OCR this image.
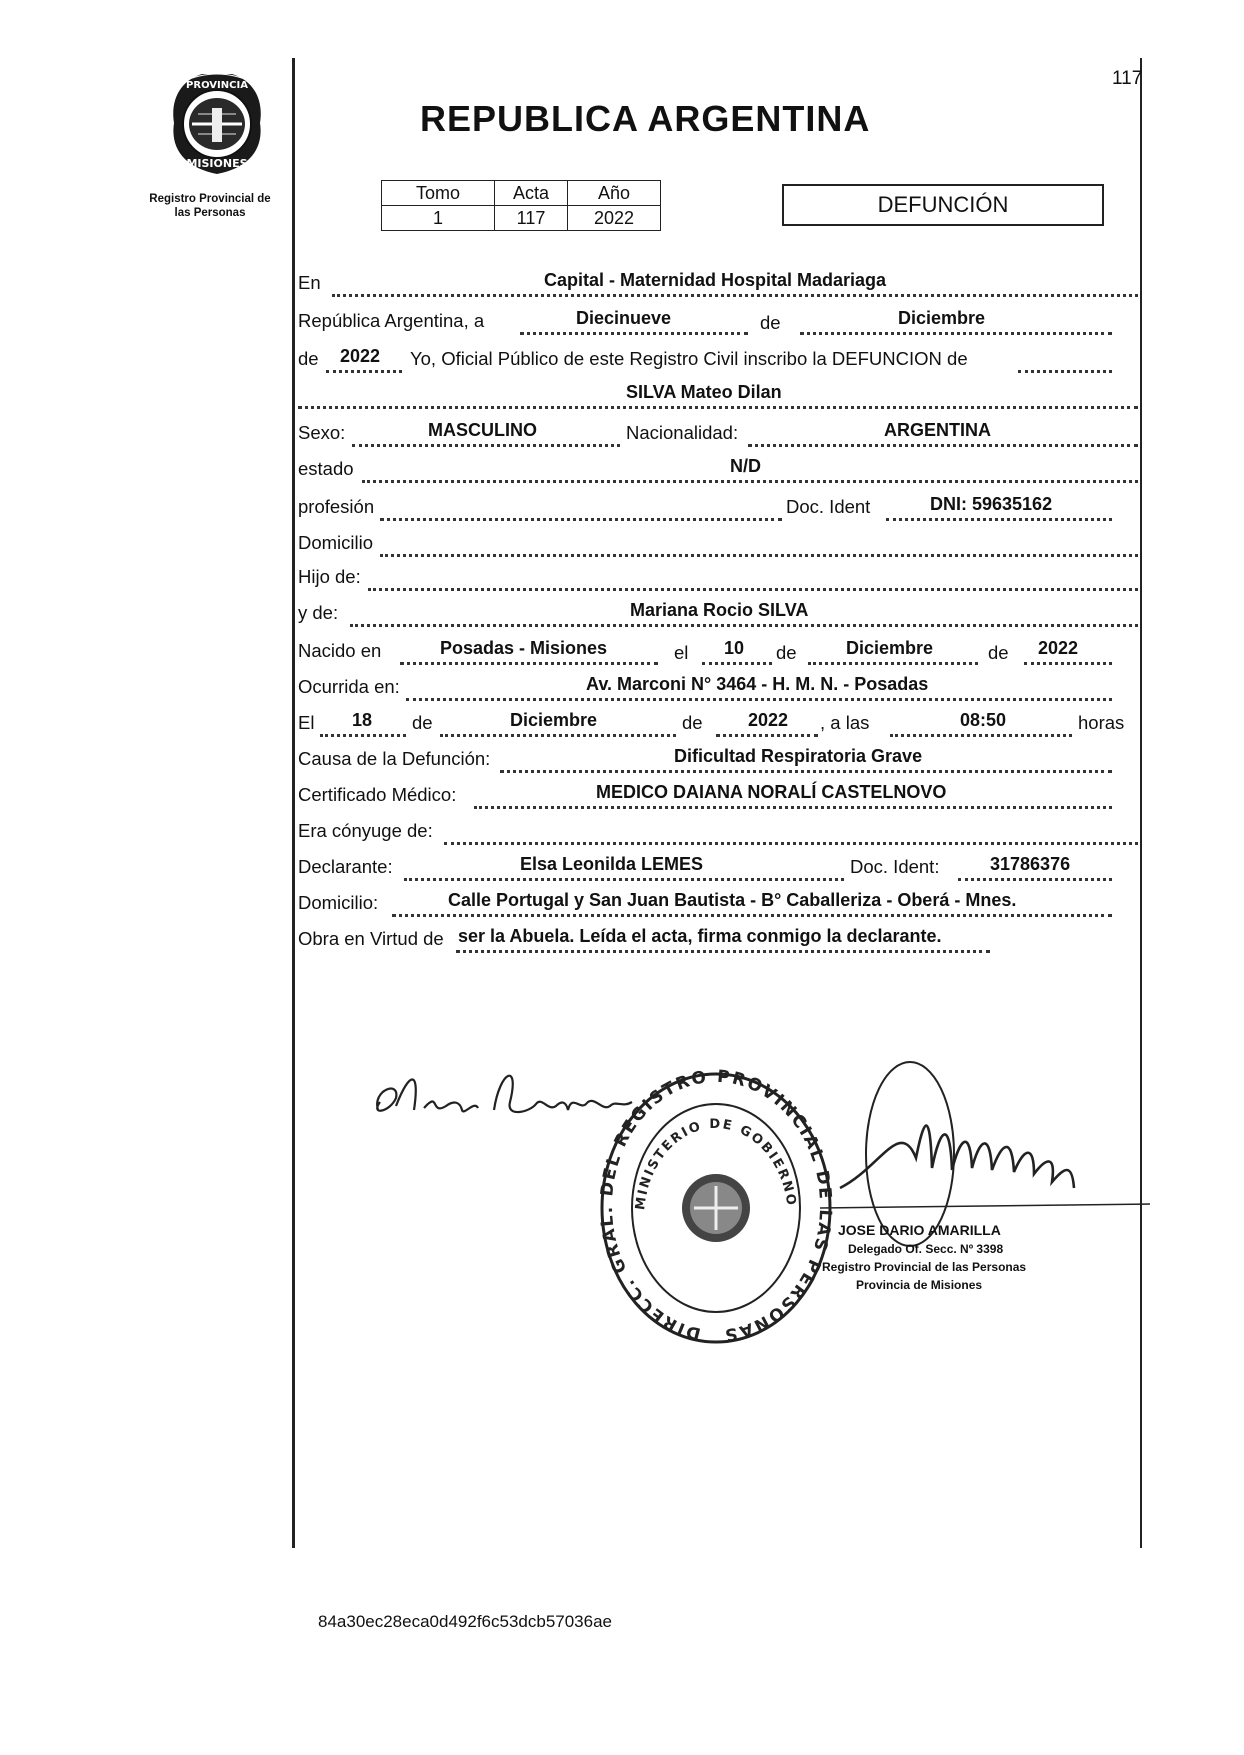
117
REPUBLICA ARGENTINA
PROVINCIA
MISIONES
Registro Provincial de
las Personas
Tomo	Acta	Año
1	117	2022
DEFUNCIÓN
En	Capital - Maternidad Hospital Madariaga
República Argentina, a	Diecinueve	de	Diciembre
de 2022 Yo, Oficial Público de este Registro Civil inscribo la DEFUNCION de
SILVA Mateo Dilan
Sexo:	MASCULINO	Nacionalidad:	ARGENTINA
estado	N/D
profesión	Doc. Ident	DNI: 59635162
Domicilio
Hijo de:
y de:	Mariana Rocio SILVA
Nacido en	Posadas - Misiones	el 10 de	Diciembre	de 2022
Ocurrida en:	Av. Marconi N° 3464 - H. M. N. - Posadas
El 18 de	Diciembre	de	2022 , a las	08:50	horas
Causa de la Defunción:	Dificultad Respiratoria Grave
Certificado Médico:	MEDICO DAIANA NORALÍ CASTELNOVO
Era cónyuge de:
Declarante:	Elsa Leonilda LEMES	Doc. Ident:	31786376
Domicilio:	Calle Portugal y San Juan Bautista - B° Caballeriza - Oberá - Mnes.
Obra en Virtud de ser la Abuela. Leída el acta, firma conmigo la declarante.
DIRECC. GRAL. DEL REGISTRO PROVINCIAL DE LAS PERSONAS
MINISTERIO DE GOBIERNO
JOSE DARIO AMARILLA
Delegado Of. Secc. Nº 3398
Registro Provincial de las Personas
Provincia de Misiones
84a30ec28eca0d492f6c53dcb57036ae
